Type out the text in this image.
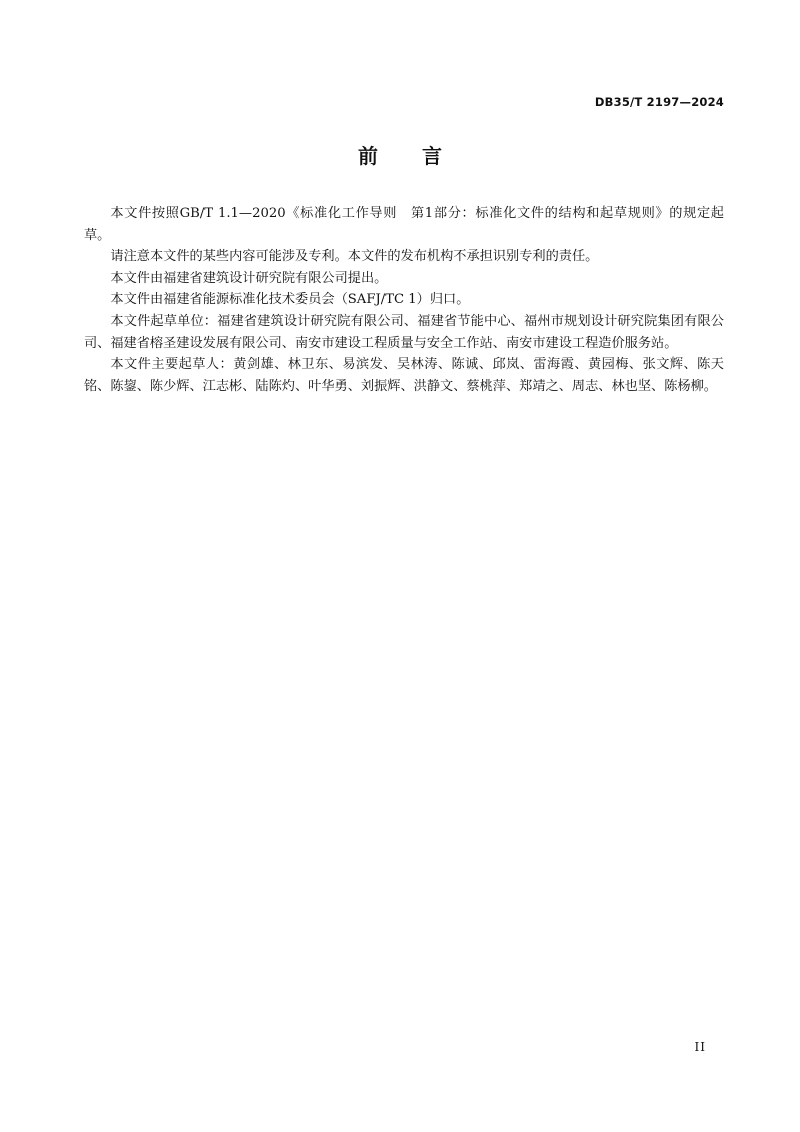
DB35/T 2197—2024
前 言

本文件按照GB/T 1.1—2020《标准化工作导则　第1部分：标准化文件的结构和起草规则》的规定起草。

请注意本文件的某些内容可能涉及专利。本文件的发布机构不承担识别专利的责任。

本文件由福建省建筑设计研究院有限公司提出。

本文件由福建省能源标准化技术委员会（SAFJ/TC 1）归口。

本文件起草单位：福建省建筑设计研究院有限公司、福建省节能中心、福州市规划设计研究院集团有限公司、福建省榕圣建设发展有限公司、南安市建设工程质量与安全工作站、南安市建设工程造价服务站。

本文件主要起草人：黄剑雄、林卫东、易滨发、吴林涛、陈诚、邱岚、雷海霞、黄园梅、张文辉、陈天铭、陈鋆、陈少辉、江志彬、陆陈灼、叶华勇、刘振辉、洪静文、蔡桃萍、郑靖之、周志、林也坚、陈杨柳。

II
